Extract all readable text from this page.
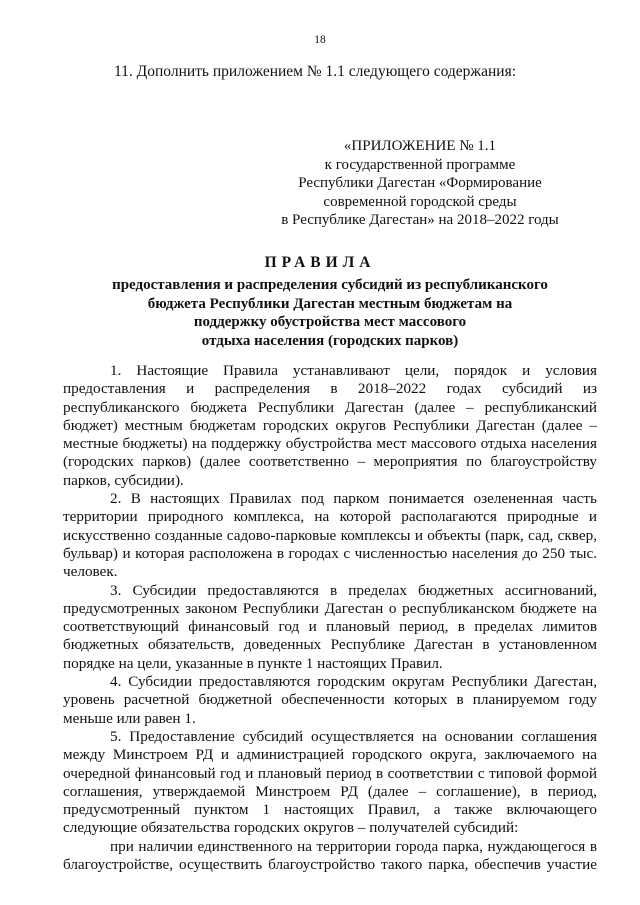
18
11. Дополнить приложением № 1.1 следующего содержания:
«ПРИЛОЖЕНИЕ № 1.1
к государственной программе
Республики Дагестан «Формирование
современной городской среды
в Республике Дагестан» на 2018–2022 годы
ПРАВИЛА
предоставления и распределения субсидий из республиканского
бюджета Республики Дагестан местным бюджетам на
поддержку обустройства мест массового
отдыха населения (городских парков)

1. Настоящие Правила устанавливают цели, порядок и условия предоставления и распределения в 2018–2022 годах субсидий из республиканского бюджета Республики Дагестан (далее – республиканский бюджет) местным бюджетам городских округов Республики Дагестан (далее – местные бюджеты) на поддержку обустройства мест массового отдыха населения (городских парков) (далее соответственно – мероприятия по благоустройству парков, субсидии).

2. В настоящих Правилах под парком понимается озелененная часть территории природного комплекса, на которой располагаются природные и искусственно созданные садово-парковые комплексы и объекты (парк, сад, сквер, бульвар) и которая расположена в городах с численностью населения до 250 тыс. человек.

3. Субсидии предоставляются в пределах бюджетных ассигнований, предусмотренных законом Республики Дагестан о республиканском бюджете на соответствующий финансовый год и плановый период, в пределах лимитов бюджетных обязательств, доведенных Республике Дагестан в установленном порядке на цели, указанные в пункте 1 настоящих Правил.

4. Субсидии предоставляются городским округам Республики Дагестан, уровень расчетной бюджетной обеспеченности которых в планируемом году меньше или равен 1.

5. Предоставление субсидий осуществляется на основании соглашения между Минстроем РД и администрацией городского округа, заключаемого на очередной финансовый год и плановый период в соответствии с типовой формой соглашения, утверждаемой Минстроем РД (далее – соглашение), в период, предусмотренный пунктом 1 настоящих Правил, а также включающего следующие обязательства городских округов – получателей субсидий:

при наличии единственного на территории города парка, нуждающегося в благоустройстве, осуществить благоустройство такого парка, обеспечив участие
